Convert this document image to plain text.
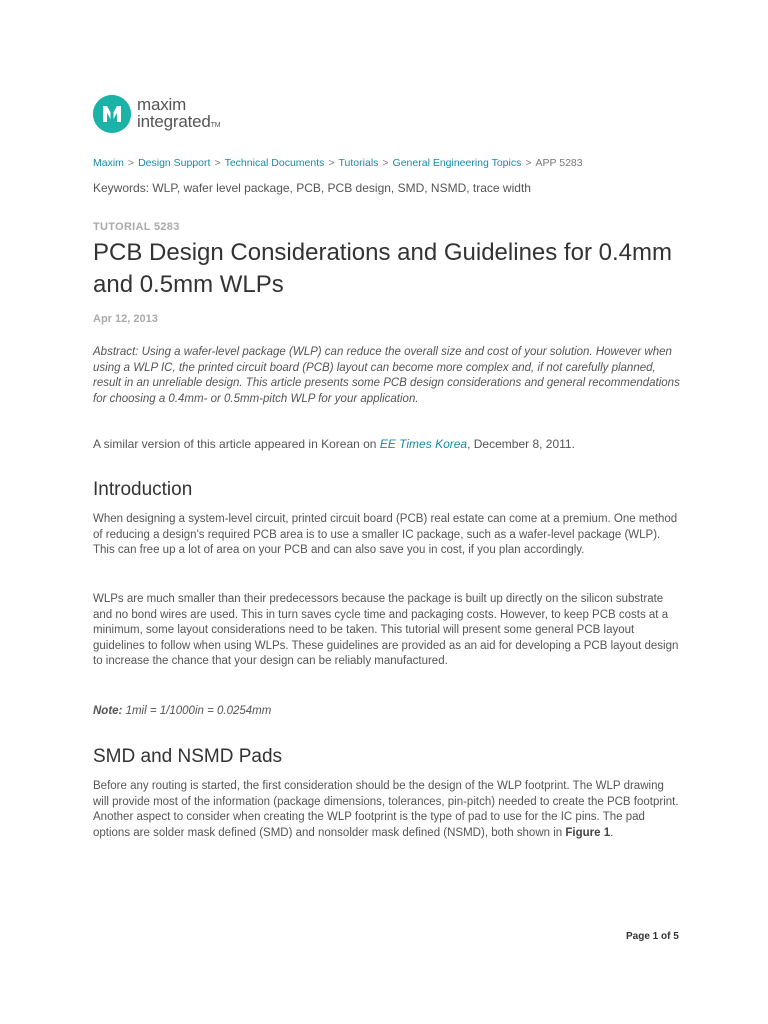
maxim
integratedTM
Maxim > Design Support > Technical Documents > Tutorials > General Engineering Topics > APP 5283
Keywords: WLP, wafer level package, PCB, PCB design, SMD, NSMD, trace width
TUTORIAL 5283
PCB Design Considerations and Guidelines for 0.4mm and 0.5mm WLPs
Apr 12, 2013

Abstract: Using a wafer-level package (WLP) can reduce the overall size and cost of your solution. However when using a WLP IC, the printed circuit board (PCB) layout can become more complex and, if not carefully planned, result in an unreliable design. This article presents some PCB design considerations and general recommendations for choosing a 0.4mm- or 0.5mm-pitch WLP for your application.

A similar version of this article appeared in Korean on EE Times Korea, December 8, 2011.

Introduction

When designing a system-level circuit, printed circuit board (PCB) real estate can come at a premium. One method of reducing a design's required PCB area is to use a smaller IC package, such as a wafer-level package (WLP). This can free up a lot of area on your PCB and can also save you in cost, if you plan accordingly.

WLPs are much smaller than their predecessors because the package is built up directly on the silicon substrate and no bond wires are used. This in turn saves cycle time and packaging costs. However, to keep PCB costs at a minimum, some layout considerations need to be taken. This tutorial will present some general PCB layout guidelines to follow when using WLPs. These guidelines are provided as an aid for developing a PCB layout design to increase the chance that your design can be reliably manufactured.

Note: 1mil = 1/1000in = 0.0254mm
SMD and NSMD Pads

Before any routing is started, the first consideration should be the design of the WLP footprint. The WLP drawing will provide most of the information (package dimensions, tolerances, pin-pitch) needed to create the PCB footprint. Another aspect to consider when creating the WLP footprint is the type of pad to use for the IC pins. The pad options are solder mask defined (SMD) and nonsolder mask defined (NSMD), both shown in Figure 1.

Page 1 of 5
